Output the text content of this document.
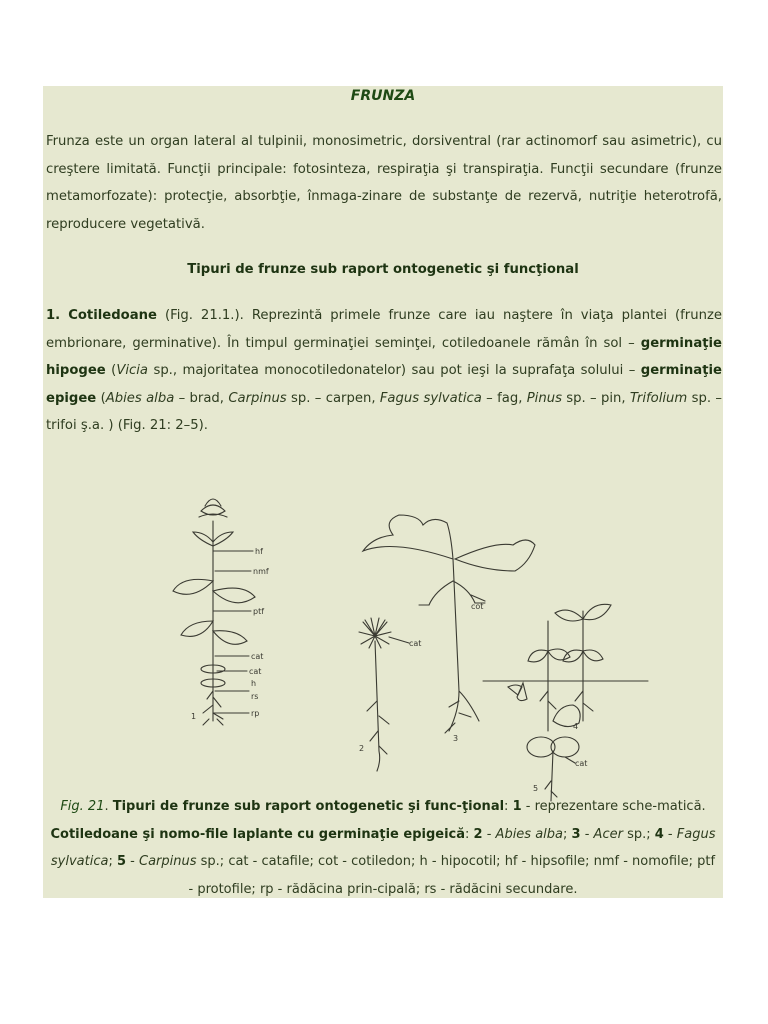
FRUNZA
Frunza este un organ lateral al tulpinii, monosimetric, dorsiventral (rar actinomorf sau asimetric), cu creştere limitată. Funcţii principale: fotosinteza, respiraţia şi transpiraţia. Funcţii secundare (frunze metamorfozate): protecţie, absorbţie, înmaga-zinare de substanţe de rezervă, nutriţie heterotrofă, reproducere vegetativă.
Tipuri de frunze sub raport ontogenetic şi funcţional
1. Cotiledoane (Fig. 21.1.). Reprezintă primele frunze care iau naştere în viaţa plantei (frunze embrionare, germinative). În timpul germinaţiei seminţei, cotiledoanele rămân în sol – germinaţie hipogee (Vicia sp., majoritatea monocotiledonatelor) sau pot ieşi la suprafaţa solului – germinaţie epigee (Abies alba – brad, Carpinus sp. – carpen, Fagus sylvatica – fag, Pinus sp. – pin, Trifolium sp. – trifoi ş.a. ) (Fig. 21: 2–5).
hf
nmf
ptf
cat
cat
h
rs
rp
1
cat
2
cot
3
4
cat
5
Fig. 21. Tipuri de frunze sub raport ontogenetic şi func-ţional: 1 - reprezentare sche-matică. Cotiledoane şi nomo-file laplante cu germinaţie epigeică: 2 - Abies alba; 3 - Acer sp.; 4 - Fagus sylvatica; 5 - Carpinus sp.; cat - catafile; cot - cotiledon; h - hipocotil; hf - hipsofile; nmf - nomofile; ptf - protofile; rp - rădăcina prin-cipală; rs - rădăcini secundare.
